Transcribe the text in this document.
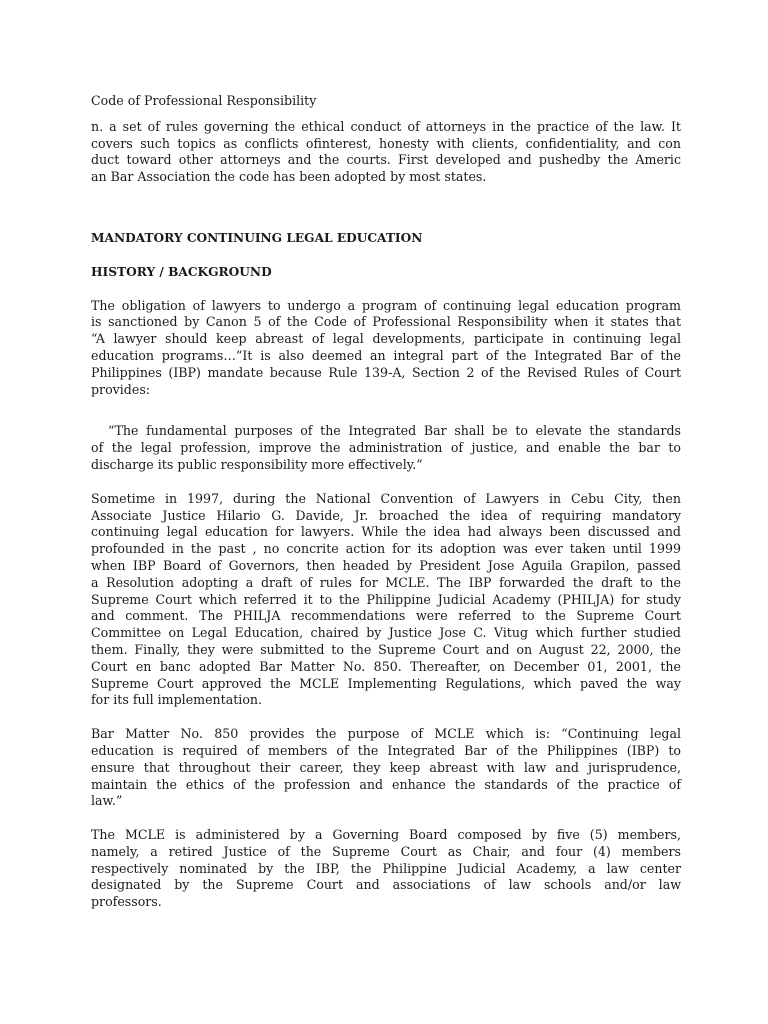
Code of Professional Responsibility
n. a set of rules governing the ethical conduct of attorneys in the practice of the law. It
covers such topics as conflicts ofinterest, honesty with clients, confidentiality, and con
duct toward other attorneys and the courts. First developed and pushedby the Americ
an Bar Association the code has been adopted by most states.
MANDATORY CONTINUING LEGAL EDUCATION
HISTORY / BACKGROUND
The obligation of lawyers to undergo a program of continuing legal education program
is sanctioned by Canon 5 of the Code of Professional Responsibility when it states that
“A lawyer should keep abreast of legal developments, participate in continuing legal
education programs…”It is also deemed an integral part of the Integrated Bar of the
Philippines (IBP) mandate because Rule 139-A, Section 2 of the Revised Rules of Court
provides:
“The fundamental purposes of the Integrated Bar shall be to elevate the standards
of the legal profession, improve the administration of justice, and enable the bar to
discharge its public responsibility more effectively.”
Sometime in 1997, during the National Convention of Lawyers in Cebu City, then
Associate Justice Hilario G. Davide, Jr. broached the idea of requiring mandatory
continuing legal education for lawyers. While the idea had always been discussed and
profounded in the past , no concrite action for its adoption was ever taken until 1999
when IBP Board of Governors, then headed by President Jose Aguila Grapilon, passed
a Resolution adopting a draft of rules for MCLE. The IBP forwarded the draft to the
Supreme Court which referred it to the Philippine Judicial Academy (PHILJA) for study
and comment. The PHILJA recommendations were referred to the Supreme Court
Committee on Legal Education, chaired by Justice Jose C. Vitug which further studied
them. Finally, they were submitted to the Supreme Court and on August 22, 2000, the
Court en banc adopted Bar Matter No. 850. Thereafter, on December 01, 2001, the
Supreme Court approved the MCLE Implementing Regulations, which paved the way
for its full implementation.
Bar Matter No. 850 provides the purpose of MCLE which is: “Continuing legal
education is required of members of the Integrated Bar of the Philippines (IBP) to
ensure that throughout their career, they keep abreast with law and jurisprudence,
maintain the ethics of the profession and enhance the standards of the practice of
law.”
The MCLE is administered by a Governing Board composed by five (5) members,
namely, a retired Justice of the Supreme Court as Chair, and four (4) members
respectively nominated by the IBP, the Philippine Judicial Academy, a law center
designated by the Supreme Court and associations of law schools and/or law
professors.
